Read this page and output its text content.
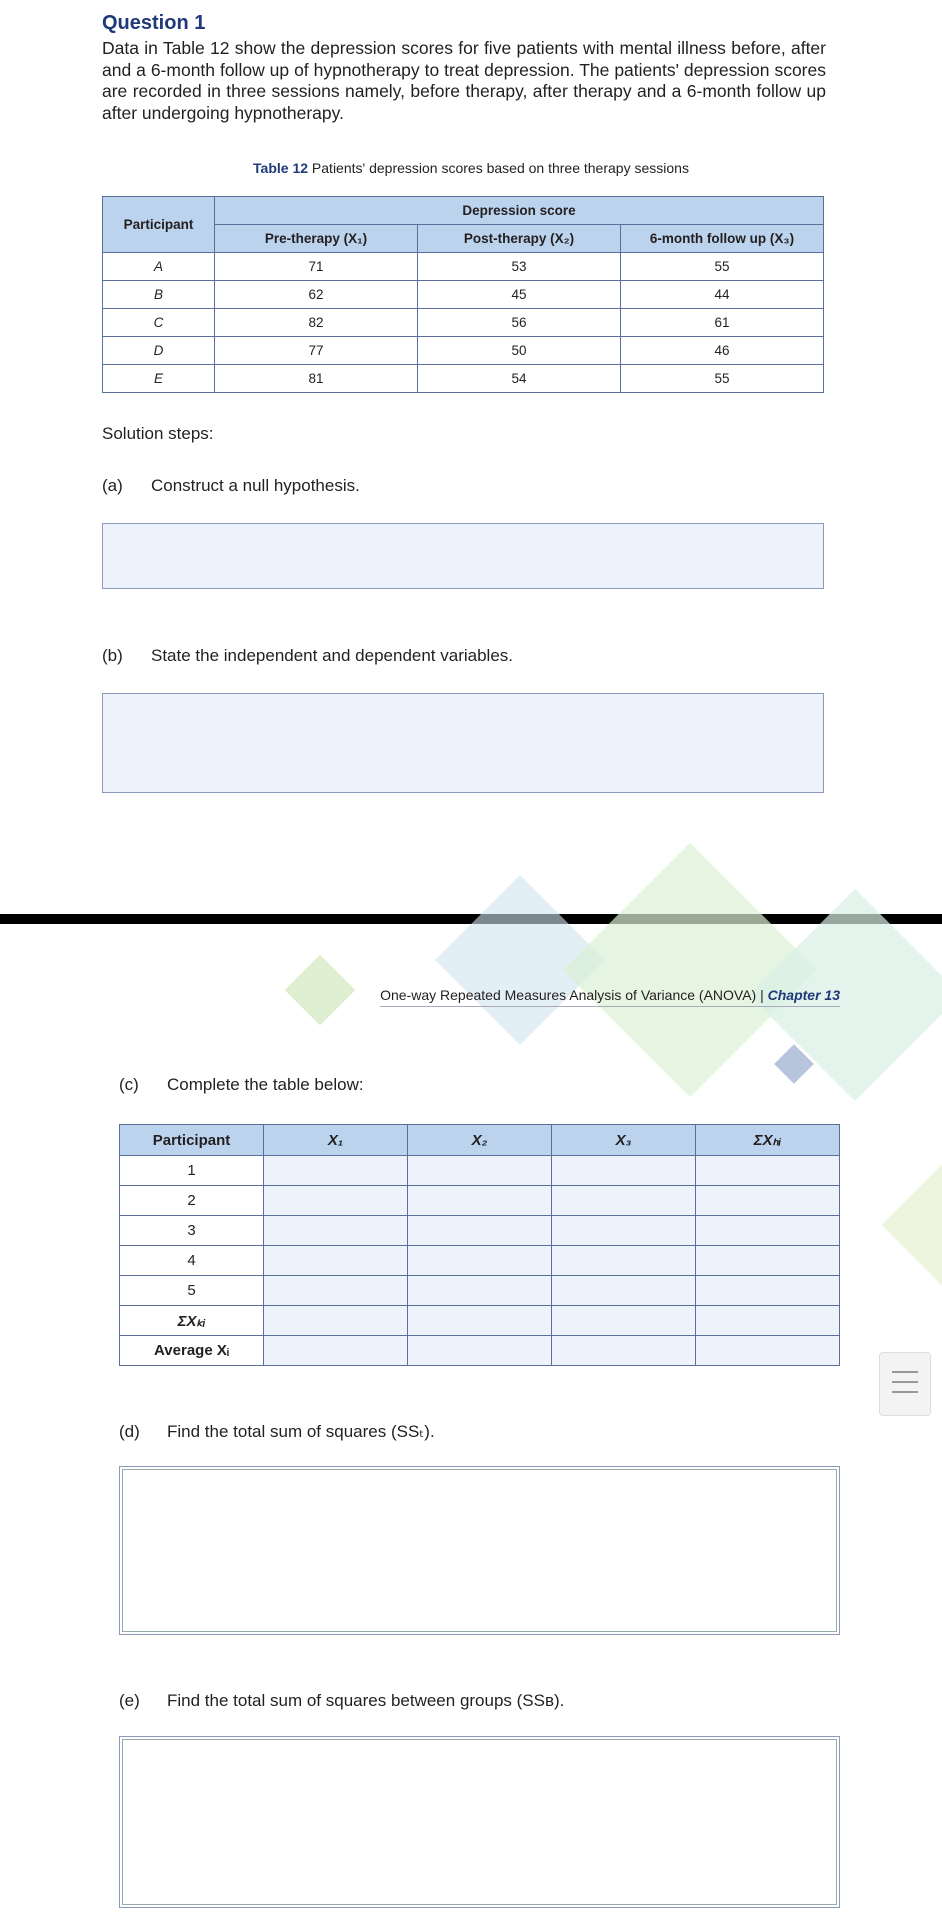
Question 1
Data in Table 12 show the depression scores for five patients with mental illness before, after and a 6-month follow up of hypnotherapy to treat depression. The patients' depression scores are recorded in three sessions namely, before therapy, after therapy and a 6-month follow up after undergoing hypnotherapy.
Table 12 Patients' depression scores based on three therapy sessions
Participant	Depression score		
	Pre-therapy (X₁)	Post-therapy (X₂)	6-month follow up (X₃)
A	71	53	55
B	62	45	44
C	82	56	61
D	77	50	46
E	81	54	55
Solution steps:
(a) Construct a null hypothesis.
(b) State the independent and dependent variables.
One-way Repeated Measures Analysis of Variance (ANOVA) | Chapter 13
(c) Complete the table below:
Participant	X₁	X₂	X₃	ΣXₕᵢ
1				
2				
3				
4				
5				
ΣXₖᵢ				
Average Xᵢ				
(d) Find the total sum of squares (SSₜ).
(e) Find the total sum of squares between groups (SSʙ).
